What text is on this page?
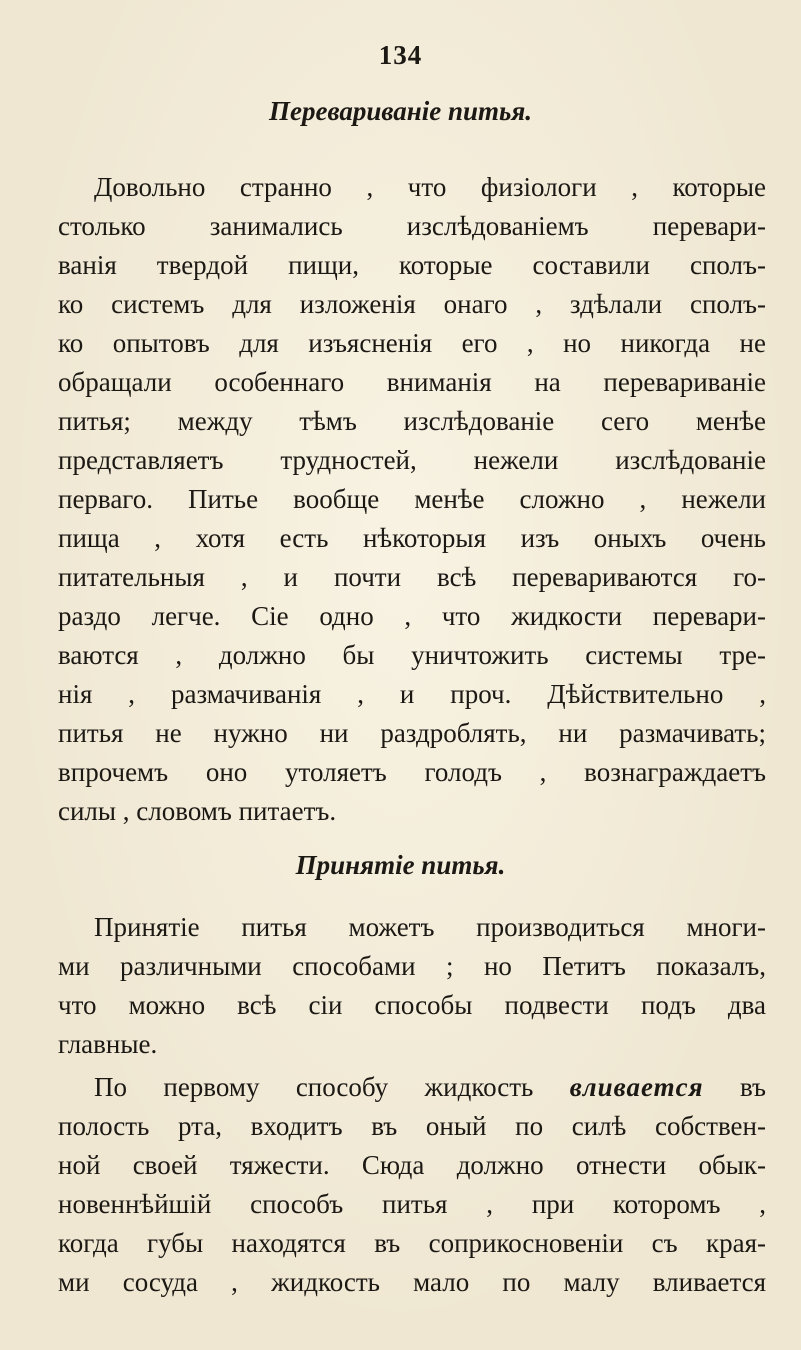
134
Перевариваніе питья.
Довольно странно , что физіологи , которые
столько занимались изслѣдованіемъ перевари-
ванія твердой пищи, которые составили сполъ-
ко системъ для изложенія онаго , здѣлали сполъ-
ко опытовъ для изъясненія его , но никогда не
обращали особеннаго вниманія на перевариваніе
питья; между тѣмъ изслѣдованіе сего менѣе
представляетъ трудностей, нежели изслѣдованіе
перваго. Питье вообще менѣе сложно , нежели
пища , хотя есть нѣкоторыя изъ оныхъ очень
питательныя , и почти всѣ перевариваются го-
раздо легче. Сіе одно , что жидкости перевари-
ваются , должно бы уничтожить системы тре-
нія , размачиванія , и проч. Дѣйствительно ,
питья не нужно ни раздроблять, ни размачивать;
впрочемъ оно утоляетъ голодъ , вознаграждаетъ
силы , словомъ питаетъ.
Принятіе питья.
Принятіе питья можетъ производиться многи-
ми различными способами ; но Петитъ показалъ,
что можно всѣ сіи способы подвести подъ два
главные.
По первому способу жидкость вливается въ
полость рта, входитъ въ оный по силѣ собствен-
ной своей тяжести. Сюда должно отнести обык-
новеннѣйшій способъ питья , при которомъ ,
когда губы находятся въ соприкосновеніи съ края-
ми сосуда , жидкость мало по малу вливается
